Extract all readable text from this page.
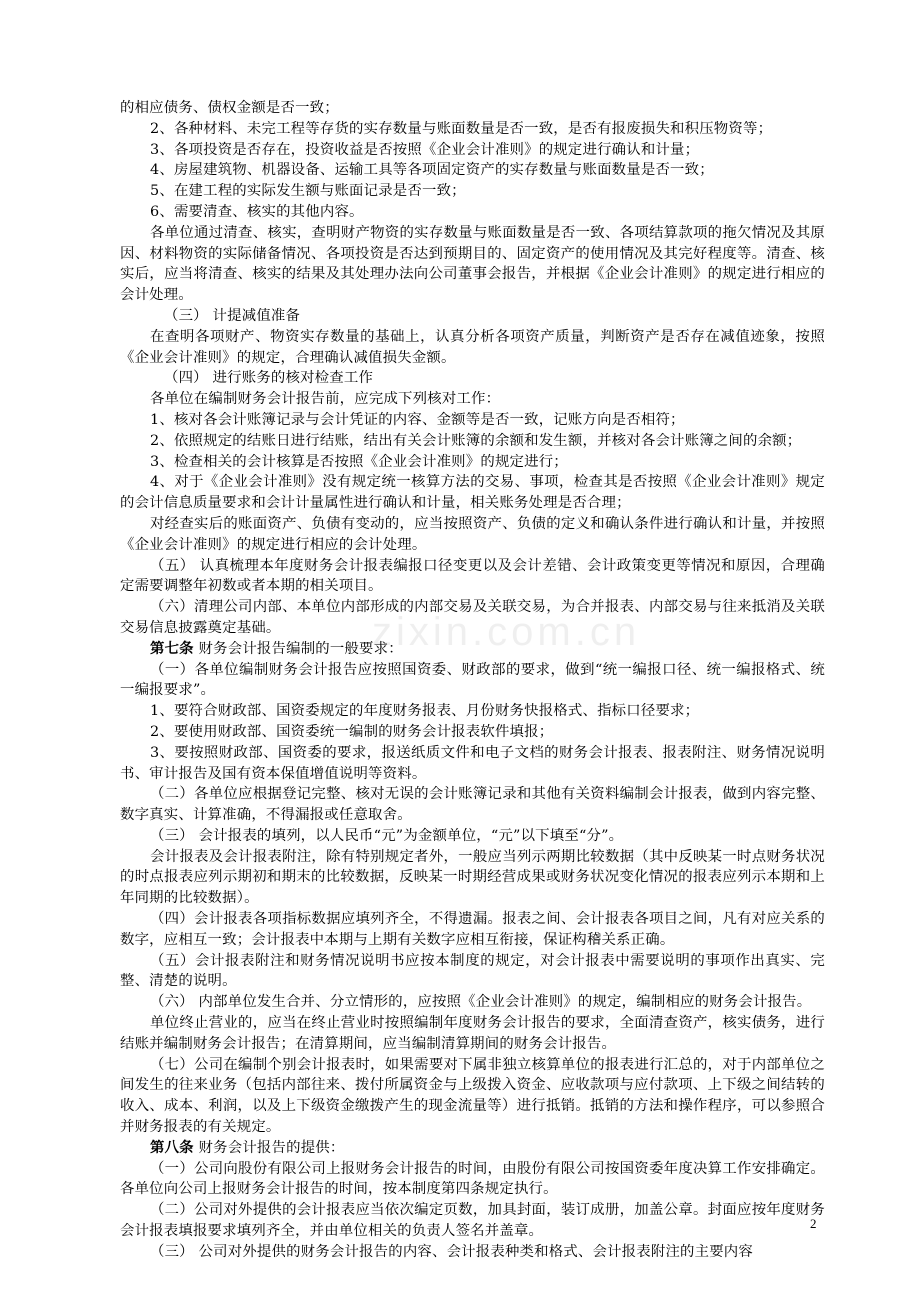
zixin.com.cn

的相应债务、债权金额是否一致；

2、各种材料、未完工程等存货的实存数量与账面数量是否一致，是否有报废损失和积压物资等；

3、各项投资是否存在，投资收益是否按照《企业会计准则》的规定进行确认和计量；

4、房屋建筑物、机器设备、运输工具等各项固定资产的实存数量与账面数量是否一致；

5、在建工程的实际发生额与账面记录是否一致；

6、需要清查、核实的其他内容。

各单位通过清查、核实，查明财产物资的实存数量与账面数量是否一致、各项结算款项的拖欠情况及其原因、材料物资的实际储备情况、各项投资是否达到预期目的、固定资产的使用情况及其完好程度等。清查、核实后，应当将清查、核实的结果及其处理办法向公司董事会报告，并根据《企业会计准则》的规定进行相应的会计处理。

（三） 计提减值准备

在查明各项财产、物资实存数量的基础上，认真分析各项资产质量，判断资产是否存在减值迹象，按照《企业会计准则》的规定，合理确认减值损失金额。

（四） 进行账务的核对检查工作

各单位在编制财务会计报告前，应完成下列核对工作：

1、核对各会计账簿记录与会计凭证的内容、金额等是否一致，记账方向是否相符；

2、依照规定的结账日进行结账，结出有关会计账簿的余额和发生额，并核对各会计账簿之间的余额；

3、检查相关的会计核算是否按照《企业会计准则》的规定进行；

4、对于《企业会计准则》没有规定统一核算方法的交易、事项，检查其是否按照《企业会计准则》规定的会计信息质量要求和会计计量属性进行确认和计量，相关账务处理是否合理；

对经查实后的账面资产、负债有变动的，应当按照资产、负债的定义和确认条件进行确认和计量，并按照《企业会计准则》的规定进行相应的会计处理。

（五） 认真梳理本年度财务会计报表编报口径变更以及会计差错、会计政策变更等情况和原因，合理确定需要调整年初数或者本期的相关项目。

（六）清理公司内部、本单位内部形成的内部交易及关联交易，为合并报表、内部交易与往来抵消及关联交易信息披露奠定基础。

第七条 财务会计报告编制的一般要求：

（一）各单位编制财务会计报告应按照国资委、财政部的要求，做到“统一编报口径、统一编报格式、统一编报要求”。

1、要符合财政部、国资委规定的年度财务报表、月份财务快报格式、指标口径要求；

2、要使用财政部、国资委统一编制的财务会计报表软件填报；

3、要按照财政部、国资委的要求，报送纸质文件和电子文档的财务会计报表、报表附注、财务情况说明书、审计报告及国有资本保值增值说明等资料。

（二）各单位应根据登记完整、核对无误的会计账簿记录和其他有关资料编制会计报表，做到内容完整、数字真实、计算准确，不得漏报或任意取舍。

（三） 会计报表的填列，以人民币“元”为金额单位，“元”以下填至“分”。

会计报表及会计报表附注，除有特别规定者外，一般应当列示两期比较数据（其中反映某一时点财务状况的时点报表应列示期初和期末的比较数据，反映某一时期经营成果或财务状况变化情况的报表应列示本期和上年同期的比较数据）。

（四）会计报表各项指标数据应填列齐全，不得遗漏。报表之间、会计报表各项目之间，凡有对应关系的数字，应相互一致；会计报表中本期与上期有关数字应相互衔接，保证构稽关系正确。

（五）会计报表附注和财务情况说明书应按本制度的规定，对会计报表中需要说明的事项作出真实、完整、清楚的说明。

（六） 内部单位发生合并、分立情形的，应按照《企业会计准则》的规定，编制相应的财务会计报告。

单位终止营业的，应当在终止营业时按照编制年度财务会计报告的要求，全面清查资产，核实债务，进行结账并编制财务会计报告；在清算期间，应当编制清算期间的财务会计报告。

（七）公司在编制个别会计报表时，如果需要对下属非独立核算单位的报表进行汇总的，对于内部单位之间发生的往来业务（包括内部往来、拨付所属资金与上级拨入资金、应收款项与应付款项、上下级之间结转的收入、成本、利润，以及上下级资金缴拨产生的现金流量等）进行抵销。抵销的方法和操作程序，可以参照合并财务报表的有关规定。

第八条 财务会计报告的提供：

（一）公司向股份有限公司上报财务会计报告的时间，由股份有限公司按国资委年度决算工作安排确定。各单位向公司上报财务会计报告的时间，按本制度第四条规定执行。

（二）公司对外提供的会计报表应当依次编定页数，加具封面，装订成册，加盖公章。封面应按年度财务会计报表填报要求填列齐全，并由单位相关的负责人签名并盖章。

（三） 公司对外提供的财务会计报告的内容、会计报表种类和格式、会计报表附注的主要内容

2
